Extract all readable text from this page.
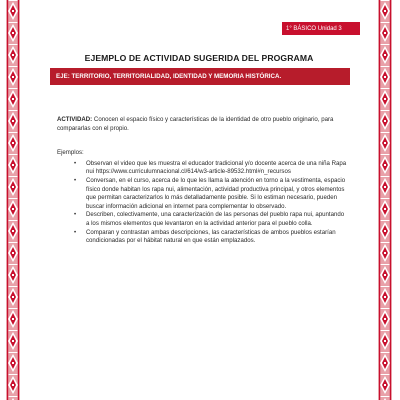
1° BÁSICO Unidad 3
EJEMPLO DE ACTIVIDAD SUGERIDA DEL PROGRAMA
EJE: TERRITORIO, TERRITORIALIDAD, IDENTIDAD Y MEMORIA HISTÓRICA.

ACTIVIDAD: Conocen el espacio físico y características de la identidad de otro pueblo originario, para compararlas con el propio.

Ejemplos:

• Observan el video que les muestra el educador tradicional y/o docente acerca de una niña Rapa nui https://www.curriculumnacional.cl/614/w3-article-89532.html#n_recursos
• Conversan, en el curso, acerca de lo que les llama la atención en torno a la vestimenta, espacio físico donde habitan los rapa nui, alimentación, actividad productiva principal, y otros elementos que permitan caracterizarlos lo más detalladamente posible. Si lo estiman necesario, pueden buscar información adicional en internet para complementar lo observado.
• Describen, colectivamente, una caracterización de las personas del pueblo rapa nui, apuntando a los mismos elementos que levantaron en la actividad anterior para el pueblo colla.
• Comparan y contrastan ambas descripciones, las características de ambos pueblos estarían condicionadas por el hábitat natural en que están emplazados.
